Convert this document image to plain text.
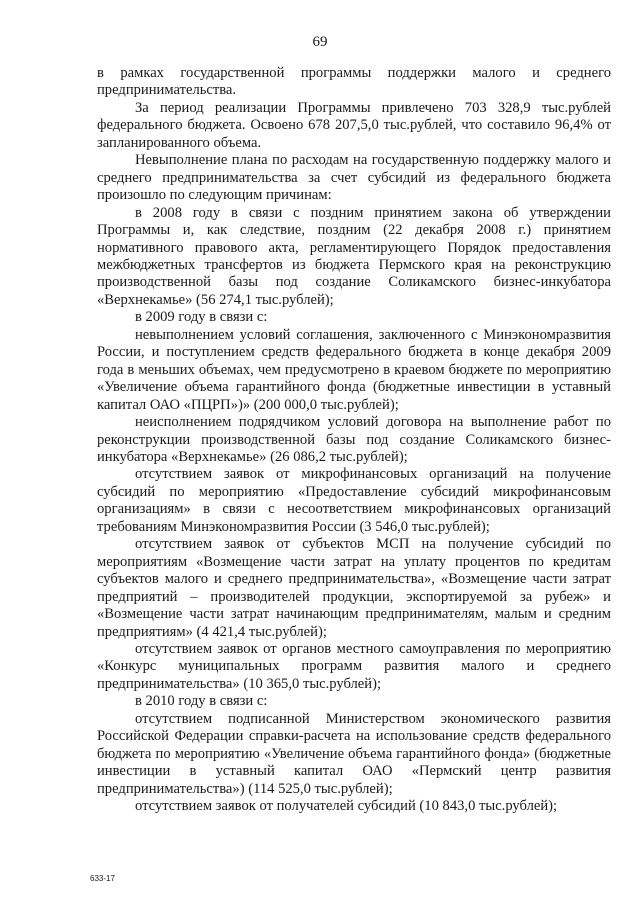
69

в рамках государственной программы поддержки малого и среднего предпринимательства.

За период реализации Программы привлечено 703 328,9 тыс.рублей федерального бюджета. Освоено 678 207,5,0 тыс.рублей, что составило 96,4% от запланированного объема.

Невыполнение плана по расходам на государственную поддержку малого и среднего предпринимательства за счет субсидий из федерального бюджета произошло по следующим причинам:

в 2008 году в связи с поздним принятием закона об утверждении Программы и, как следствие, поздним (22 декабря 2008 г.) принятием нормативного правового акта, регламентирующего Порядок предоставления межбюджетных трансфертов из бюджета Пермского края на реконструкцию производственной базы под создание Соликамского бизнес-инкубатора «Верхнекамье» (56 274,1 тыс.рублей);

в 2009 году в связи с:

невыполнением условий соглашения, заключенного с Минэкономразвития России, и поступлением средств федерального бюджета в конце декабря 2009 года в меньших объемах, чем предусмотрено в краевом бюджете по мероприятию «Увеличение объема гарантийного фонда (бюджетные инвестиции в уставный капитал ОАО «ПЦРП»)» (200 000,0 тыс.рублей);

неисполнением подрядчиком условий договора на выполнение работ по реконструкции производственной базы под создание Соликамского бизнес-инкубатора «Верхнекамье» (26 086,2 тыс.рублей);

отсутствием заявок от микрофинансовых организаций на получение субсидий по мероприятию «Предоставление субсидий микрофинансовым организациям» в связи с несоответствием микрофинансовых организаций требованиям Минэкономразвития России (3 546,0 тыс.рублей);

отсутствием заявок от субъектов МСП на получение субсидий по мероприятиям «Возмещение части затрат на уплату процентов по кредитам субъектов малого и среднего предпринимательства», «Возмещение части затрат предприятий – производителей продукции, экспортируемой за рубеж» и «Возмещение части затрат начинающим предпринимателям, малым и средним предприятиям» (4 421,4 тыс.рублей);

отсутствием заявок от органов местного самоуправления по мероприятию «Конкурс муниципальных программ развития малого и среднего предпринимательства» (10 365,0 тыс.рублей);

в 2010 году в связи с:

отсутствием подписанной Министерством экономического развития Российской Федерации справки-расчета на использование средств федерального бюджета по мероприятию «Увеличение объема гарантийного фонда» (бюджетные инвестиции в уставный капитал ОАО «Пермский центр развития предпринимательства») (114 525,0 тыс.рублей);

отсутствием заявок от получателей субсидий (10 843,0 тыс.рублей);

633-17
